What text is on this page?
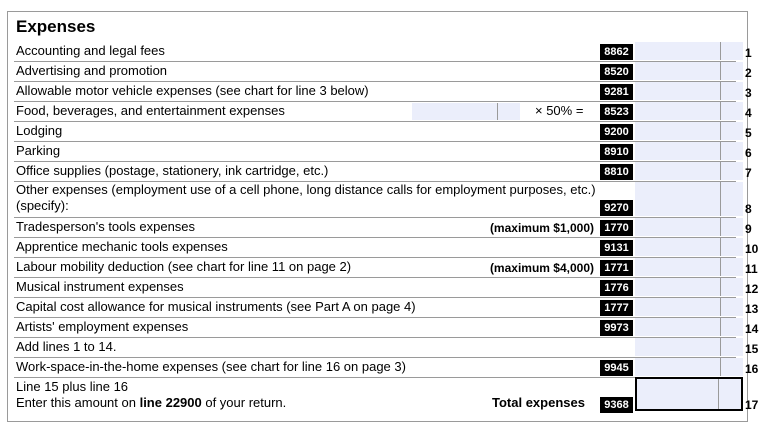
Expenses
Accounting and legal fees	8862	1
Advertising and promotion	8520	2
Allowable motor vehicle expenses (see chart for line 3 below)	9281	3
Food, beverages, and entertainment expenses	× 50% =	8523	4
Lodging	9200	5
Parking	8910	6
Office supplies (postage, stationery, ink cartridge, etc.)	8810	7
Other expenses (employment use of a cell phone, long distance calls for employment purposes, etc.)
(specify):	9270	8
Tradesperson's tools expenses	(maximum $1,000) 1770	9
Apprentice mechanic tools expenses	9131	10
Labour mobility deduction (see chart for line 11 on page 2)	(maximum $4,000) 1771	11
Musical instrument expenses	1776	12
Capital cost allowance for musical instruments (see Part A on page 4)	1777	13
Artists' employment expenses	9973	14
Add lines 1 to 14.	15
Work-space-in-the-home expenses (see chart for line 16 on page 3)	9945	16
Line 15 plus line 16
Enter this amount on line 22900 of your return.	Total expenses	9368	17
